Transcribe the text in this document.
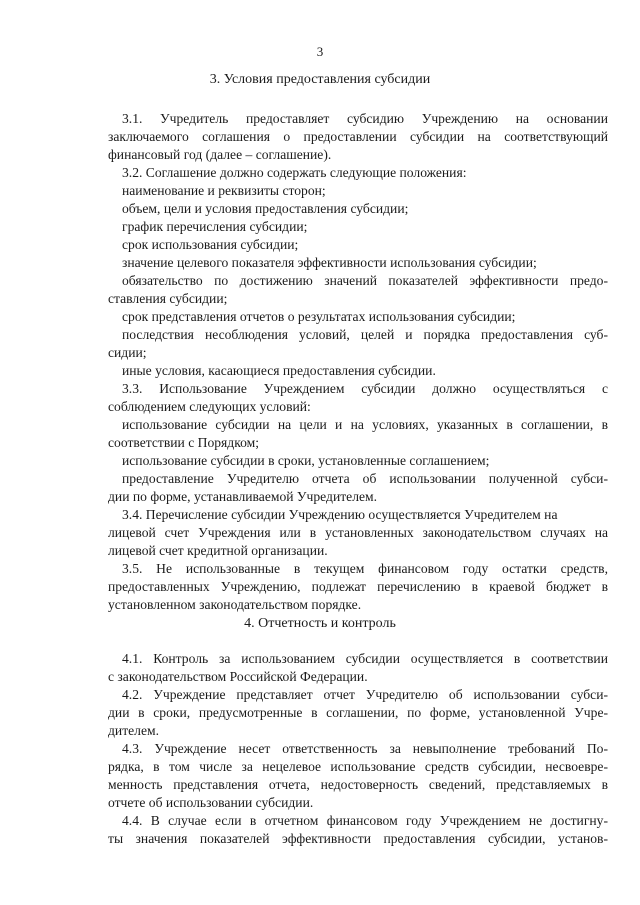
3
3. Условия предоставления субсидии
3.1. Учредитель предоставляет субсидию Учреждению на основании
заключаемого соглашения о предоставлении субсидии на соответствующий
финансовый год (далее – соглашение).
3.2. Соглашение должно содержать следующие положения:
наименование и реквизиты сторон;
объем, цели и условия предоставления субсидии;
график перечисления субсидии;
срок использования субсидии;
значение целевого показателя эффективности использования субсидии;
обязательство по достижению значений показателей эффективности предо-
ставления субсидии;
срок представления отчетов о результатах использования субсидии;
последствия несоблюдения условий, целей и порядка предоставления суб-
сидии;
иные условия, касающиеся предоставления субсидии.
3.3. Использование Учреждением субсидии должно осуществляться с
соблюдением следующих условий:
использование субсидии на цели и на условиях, указанных в соглашении, в
соответствии с Порядком;
использование субсидии в сроки, установленные соглашением;
предоставление Учредителю отчета об использовании полученной субси-
дии по форме, устанавливаемой Учредителем.
3.4. Перечисление субсидии Учреждению осуществляется Учредителем на
лицевой счет Учреждения или в установленных законодательством случаях на
лицевой счет кредитной организации.
3.5. Не использованные в текущем финансовом году остатки средств,
предоставленных Учреждению, подлежат перечислению в краевой бюджет в
установленном законодательством порядке.
4. Отчетность и контроль
4.1. Контроль за использованием субсидии осуществляется в соответствии
с законодательством Российской Федерации.
4.2. Учреждение представляет отчет Учредителю об использовании субси-
дии в сроки, предусмотренные в соглашении, по форме, установленной Учре-
дителем.
4.3. Учреждение несет ответственность за невыполнение требований По-
рядка, в том числе за нецелевое использование средств субсидии, несвоевре-
менность представления отчета, недостоверность сведений, представляемых в
отчете об использовании субсидии.
4.4. В случае если в отчетном финансовом году Учреждением не достигну-
ты значения показателей эффективности предоставления субсидии, установ-
